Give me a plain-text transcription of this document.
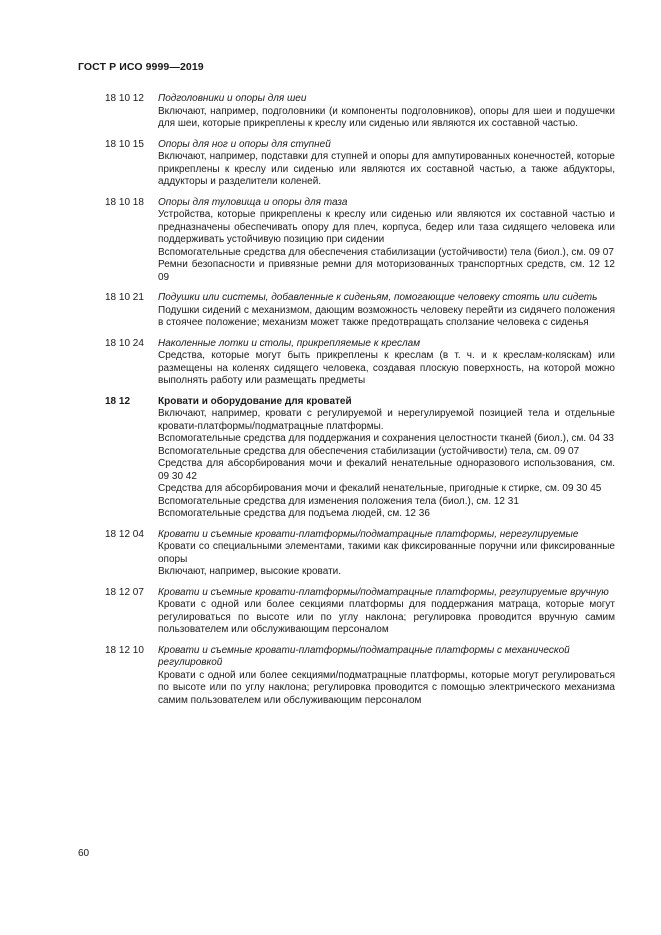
ГОСТ Р ИСО 9999—2019
18 10 12	Подголовники и опоры для шеи
Включают, например, подголовники (и компоненты подголовников), опоры для шеи и подушечки для шеи, которые прикреплены к креслу или сиденью или являются их составной частью.
18 10 15	Опоры для ног и опоры для ступней
Включают, например, подставки для ступней и опоры для ампутированных конечностей, которые прикреплены к креслу или сиденью или являются их составной частью, а также абдукторы, аддукторы и разделители коленей.
18 10 18	Опоры для туловища и опоры для таза
Устройства, которые прикреплены к креслу или сиденью или являются их составной частью и предназначены обеспечивать опору для плеч, корпуса, бедер или таза сидящего человека или поддерживать устойчивую позицию при сидении
Вспомогательные средства для обеспечения стабилизации (устойчивости) тела (биол.), см. 09 07
Ремни безопасности и привязные ремни для моторизованных транспортных средств, см. 12 12 09
18 10 21	Подушки или системы, добавленные к сиденьям, помогающие человеку стоять или сидеть
Подушки сидений с механизмом, дающим возможность человеку перейти из сидячего положения в стоячее положение; механизм может также предотвращать сползание человека с сиденья
18 10 24	Наколенные лотки и столы, прикрепляемые к креслам
Средства, которые могут быть прикреплены к креслам (в т. ч. и к креслам-коляскам) или размещены на коленях сидящего человека, создавая плоскую поверхность, на которой можно выполнять работу или размещать предметы
18 12	Кровати и оборудование для кроватей
Включают, например, кровати с регулируемой и нерегулируемой позицией тела и отдельные кровати-платформы/подматрацные платформы.
Вспомогательные средства для поддержания и сохранения целостности тканей (биол.), см. 04 33
Вспомогательные средства для обеспечения стабилизации (устойчивости) тела, см. 09 07
Средства для абсорбирования мочи и фекалий ненательные одноразового использования, см. 09 30 42
Средства для абсорбирования мочи и фекалий ненательные, пригодные к стирке, см. 09 30 45
Вспомогательные средства для изменения положения тела (биол.), см. 12 31
Вспомогательные средства для подъема людей, см. 12 36
18 12 04	Кровати и съемные кровати-платформы/подматрацные платформы, нерегулируемые
Кровати со специальными элементами, такими как фиксированные поручни или фиксированные опоры
Включают, например, высокие кровати.
18 12 07	Кровати и съемные кровати-платформы/подматрацные платформы, регулируемые вручную
Кровати с одной или более секциями платформы для поддержания матраца, которые могут регулироваться по высоте или по углу наклона; регулировка проводится вручную самим пользователем или обслуживающим персоналом
18 12 10	Кровати и съемные кровати-платформы/подматрацные платформы с механической регулировкой
Кровати с одной или более секциями/подматрацные платформы, которые могут регулироваться по высоте или по углу наклона; регулировка проводится с помощью электрического механизма самим пользователем или обслуживающим персоналом
60
